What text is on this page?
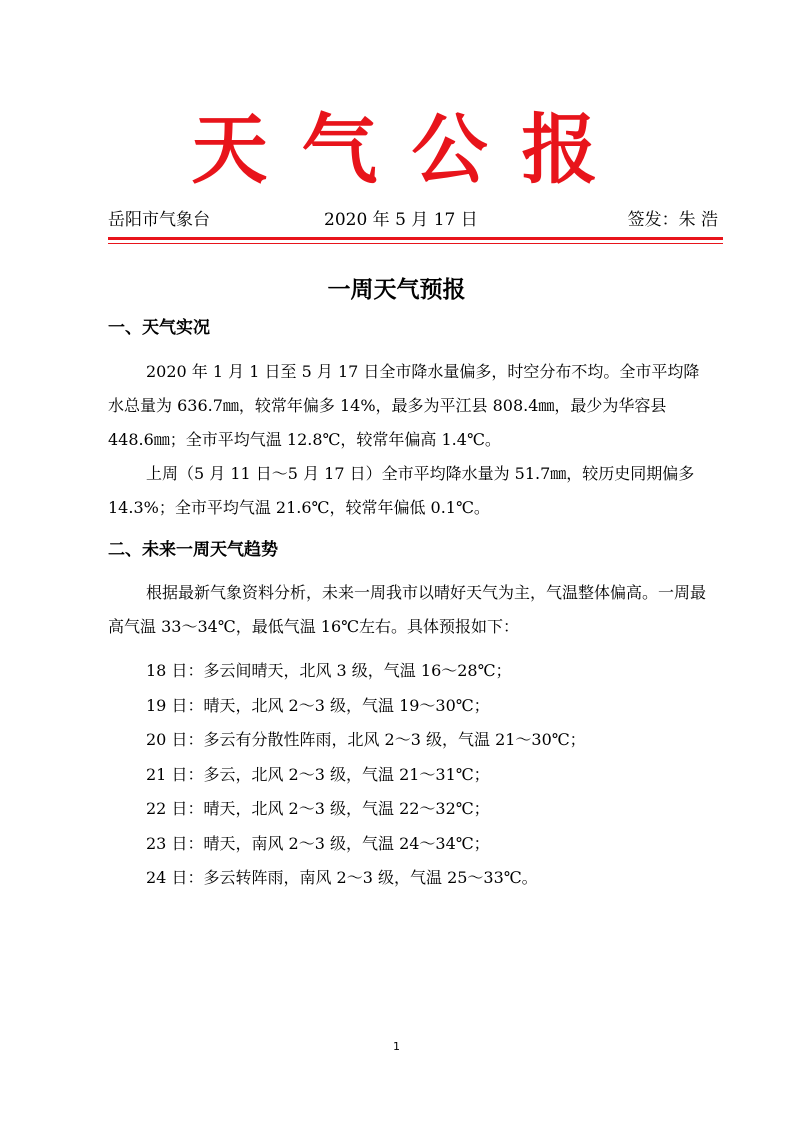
天气公报
岳阳市气象台	2020 年 5 月 17 日	签发：朱 浩
一周天气预报
一、天气实况

2020 年 1 月 1 日至 5 月 17 日全市降水量偏多，时空分布不均。全市平均降水总量为 636.7㎜，较常年偏多 14%，最多为平江县 808.4㎜，最少为华容县 448.6㎜；全市平均气温 12.8℃，较常年偏高 1.4℃。

上周（5 月 11 日～5 月 17 日）全市平均降水量为 51.7㎜，较历史同期偏多 14.3%；全市平均气温 21.6℃，较常年偏低 0.1℃。

二、未来一周天气趋势

根据最新气象资料分析，未来一周我市以晴好天气为主，气温整体偏高。一周最高气温 33～34℃，最低气温 16℃左右。具体预报如下：

18 日：多云间晴天，北风 3 级，气温 16～28℃；
19 日：晴天，北风 2～3 级，气温 19～30℃；
20 日：多云有分散性阵雨，北风 2～3 级，气温 21～30℃；
21 日：多云，北风 2～3 级，气温 21～31℃；
22 日：晴天，北风 2～3 级，气温 22～32℃；
23 日：晴天，南风 2～3 级，气温 24～34℃；
24 日：多云转阵雨，南风 2～3 级，气温 25～33℃。
1
